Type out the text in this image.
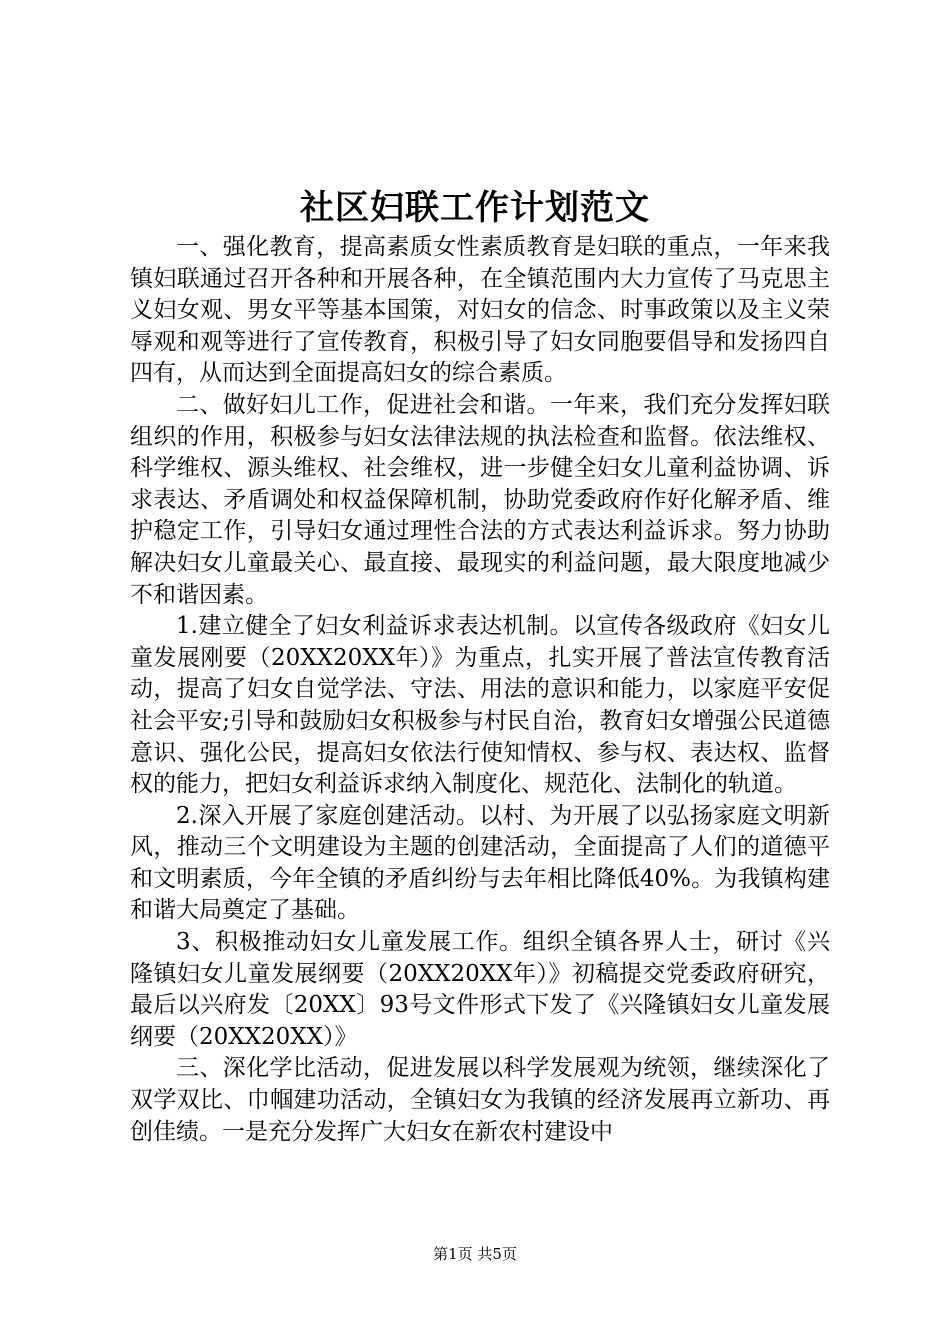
社区妇联工作计划范文

一、强化教育，提高素质女性素质教育是妇联的重点，一年来我镇妇联通过召开各种和开展各种，在全镇范围内大力宣传了马克思主义妇女观、男女平等基本国策，对妇女的信念、时事政策以及主义荣辱观和观等进行了宣传教育，积极引导了妇女同胞要倡导和发扬四自四有，从而达到全面提高妇女的综合素质。

二、做好妇儿工作，促进社会和谐。一年来，我们充分发挥妇联组织的作用，积极参与妇女法律法规的执法检查和监督。依法维权、科学维权、源头维权、社会维权，进一步健全妇女儿童利益协调、诉求表达、矛盾调处和权益保障机制，协助党委政府作好化解矛盾、维护稳定工作，引导妇女通过理性合法的方式表达利益诉求。努力协助解决妇女儿童最关心、最直接、最现实的利益问题，最大限度地减少不和谐因素。

1.建立健全了妇女利益诉求表达机制。以宣传各级政府《妇女儿童发展刚要（20XX20XX年）》为重点，扎实开展了普法宣传教育活动，提高了妇女自觉学法、守法、用法的意识和能力，以家庭平安促社会平安;引导和鼓励妇女积极参与村民自治，教育妇女增强公民道德意识、强化公民，提高妇女依法行使知情权、参与权、表达权、监督权的能力，把妇女利益诉求纳入制度化、规范化、法制化的轨道。

2.深入开展了家庭创建活动。以村、为开展了以弘扬家庭文明新风，推动三个文明建设为主题的创建活动，全面提高了人们的道德平和文明素质，今年全镇的矛盾纠纷与去年相比降低40%。为我镇构建和谐大局奠定了基础。

3、积极推动妇女儿童发展工作。组织全镇各界人士，研讨《兴隆镇妇女儿童发展纲要（20XX20XX年）》初稿提交党委政府研究，最后以兴府发〔20XX〕93号文件形式下发了《兴隆镇妇女儿童发展纲要（20XX20XX）》

三、深化学比活动，促进发展以科学发展观为统领，继续深化了双学双比、巾帼建功活动，全镇妇女为我镇的经济发展再立新功、再创佳绩。一是充分发挥广大妇女在新农村建设中

第1页 共5页
